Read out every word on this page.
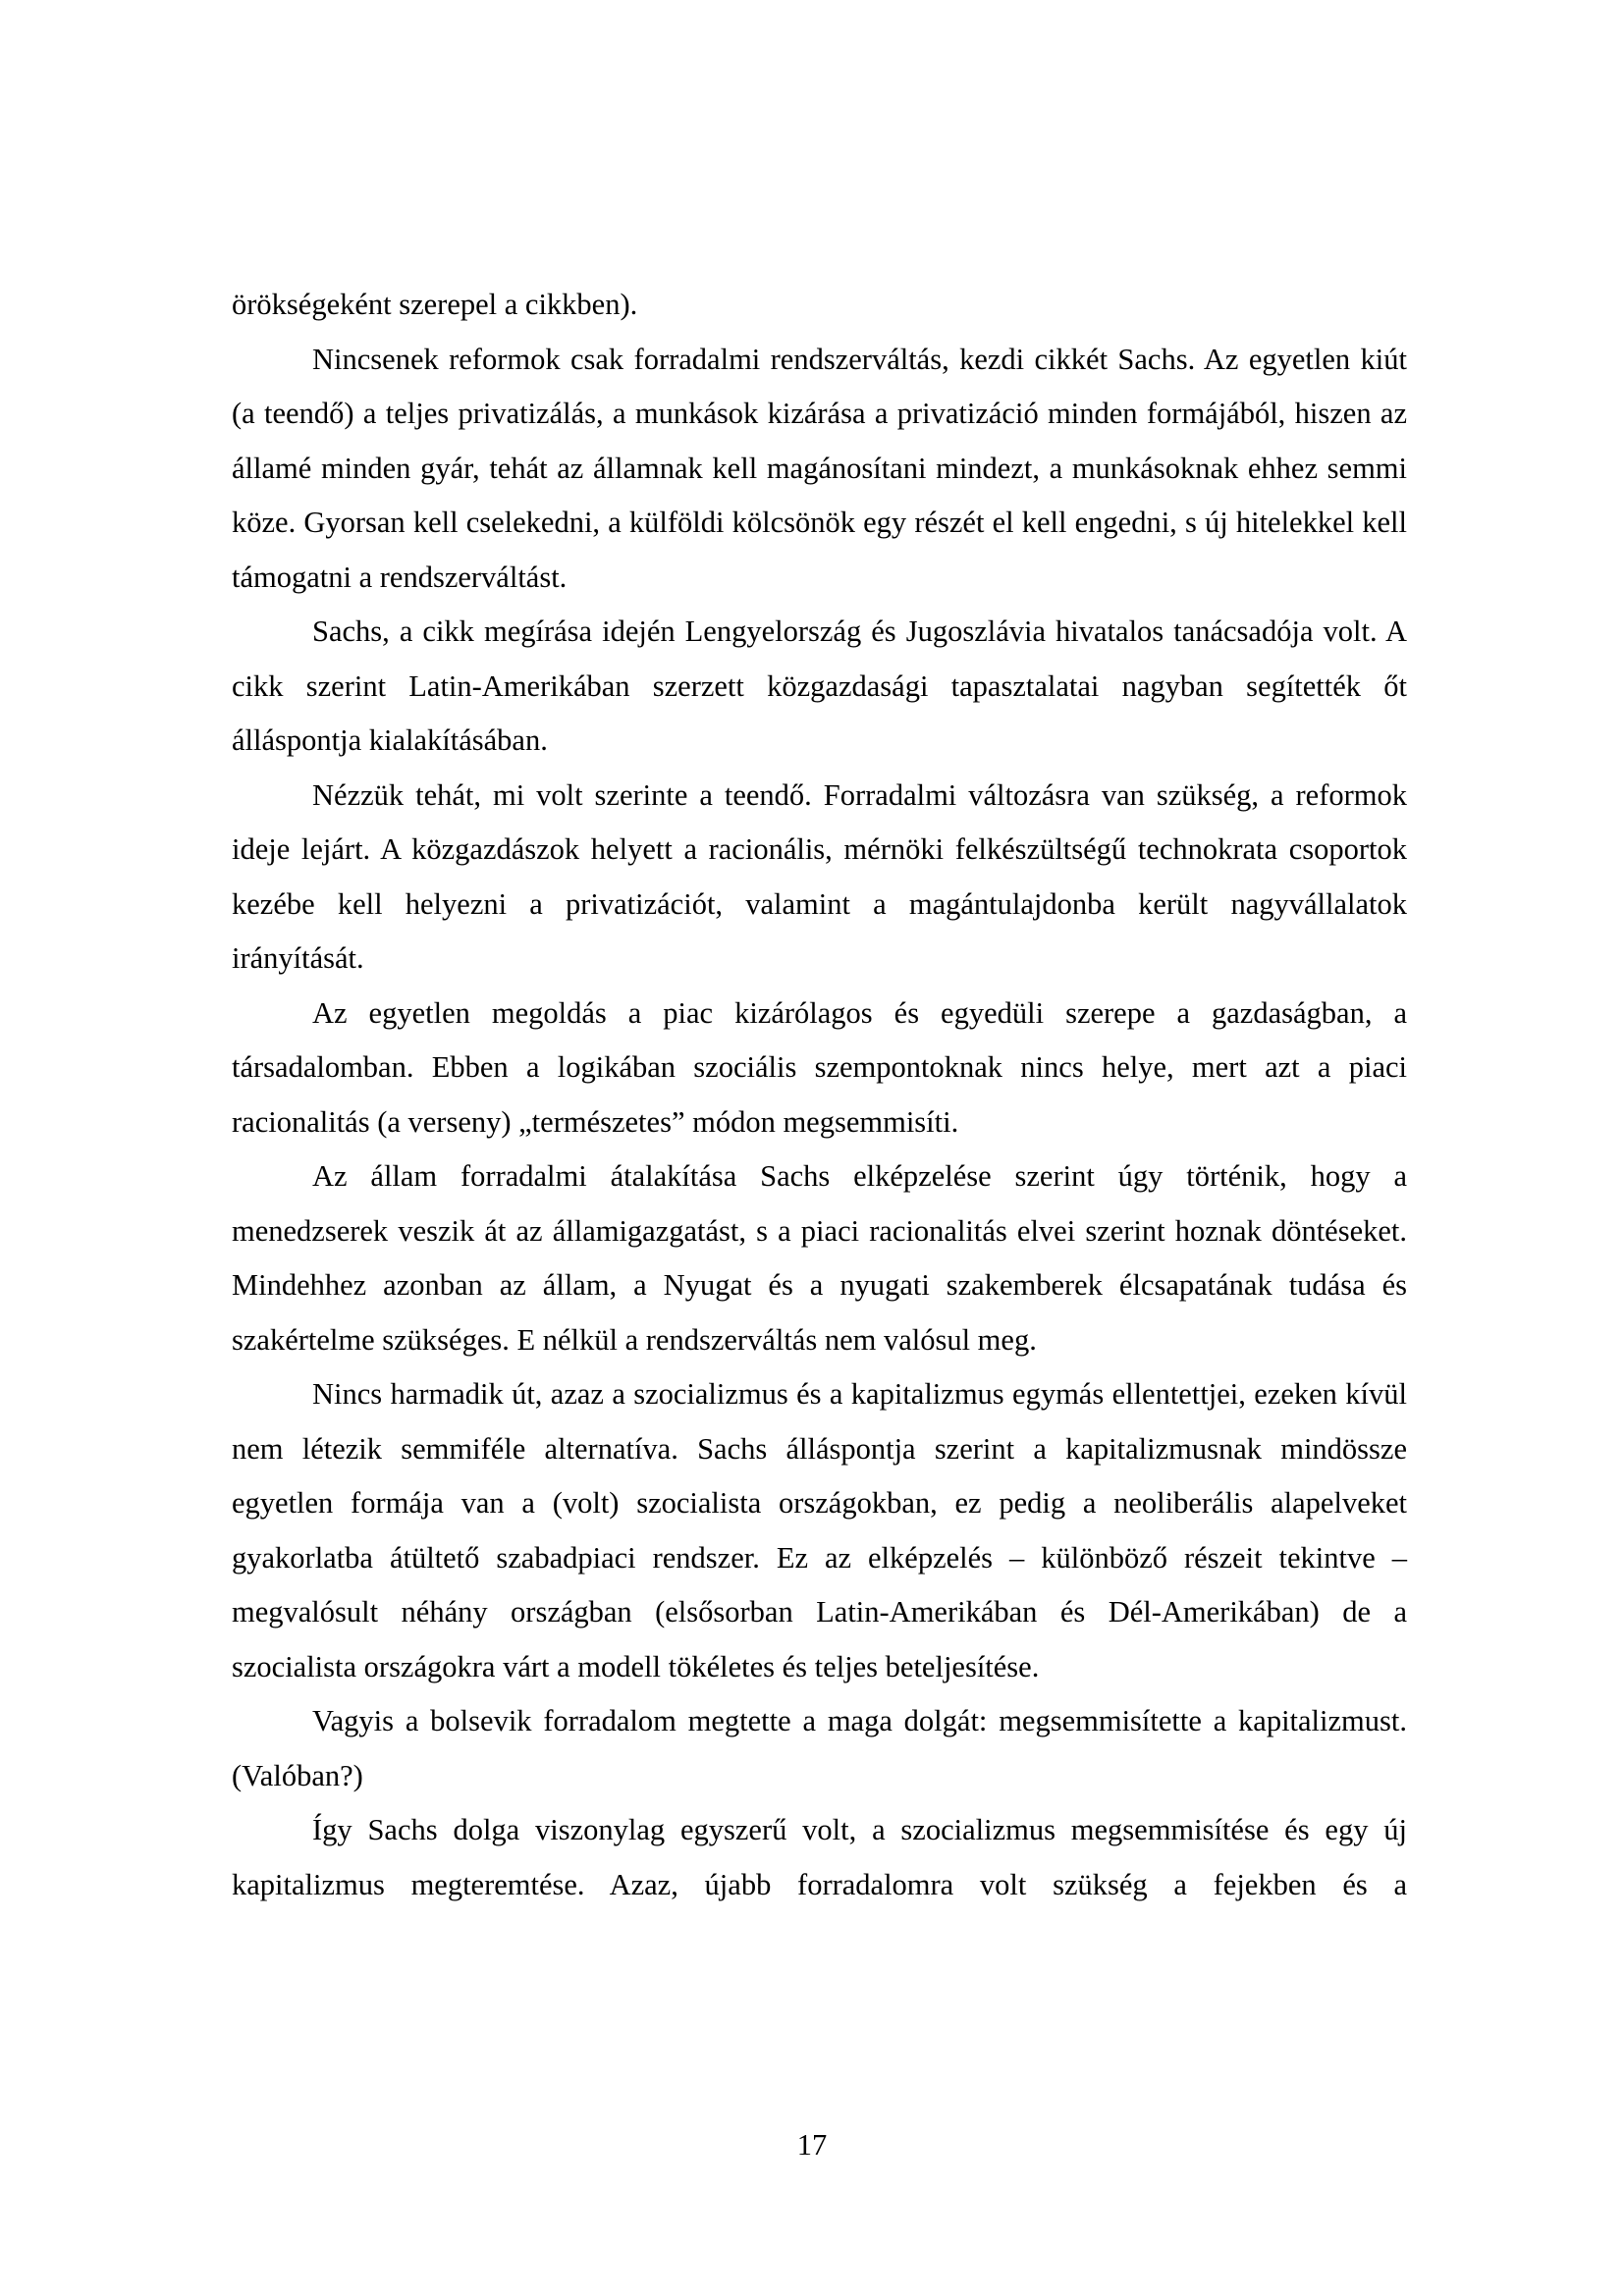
örökségeként szerepel a cikkben).

Nincsenek reformok csak forradalmi rendszerváltás, kezdi cikkét Sachs. Az egyetlen kiút (a teendő) a teljes privatizálás, a munkások kizárása a privatizáció minden formájából, hiszen az államé minden gyár, tehát az államnak kell magánosítani mindezt, a munkásoknak ehhez semmi köze. Gyorsan kell cselekedni, a külföldi kölcsönök egy részét el kell engedni, s új hitelekkel kell támogatni a rendszerváltást.

Sachs, a cikk megírása idején Lengyelország és Jugoszlávia hivatalos tanácsadója volt. A cikk szerint Latin-Amerikában szerzett közgazdasági tapasztalatai nagyban segítették őt álláspontja kialakításában.

Nézzük tehát, mi volt szerinte a teendő. Forradalmi változásra van szükség, a reformok ideje lejárt. A közgazdászok helyett a racionális, mérnöki felkészültségű technokrata csoportok kezébe kell helyezni a privatizációt, valamint a magántulajdonba került nagyvállalatok irányítását.

Az egyetlen megoldás a piac kizárólagos és egyedüli szerepe a gazdaságban, a társadalomban. Ebben a logikában szociális szempontoknak nincs helye, mert azt a piaci racionalitás (a verseny) „természetes” módon megsemmisíti.

Az állam forradalmi átalakítása Sachs elképzelése szerint úgy történik, hogy a menedzserek veszik át az államigazgatást, s a piaci racionalitás elvei szerint hoznak döntéseket. Mindehhez azonban az állam, a Nyugat és a nyugati szakemberek élcsapatának tudása és szakértelme szükséges. E nélkül a rendszerváltás nem valósul meg.

Nincs harmadik út, azaz a szocializmus és a kapitalizmus egymás ellentettjei, ezeken kívül nem létezik semmiféle alternatíva. Sachs álláspontja szerint a kapitalizmusnak mindössze egyetlen formája van a (volt) szocialista országokban, ez pedig a neoliberális alapelveket gyakorlatba átültető szabadpiaci rendszer. Ez az elképzelés – különböző részeit tekintve – megvalósult néhány országban (elsősorban Latin-Amerikában és Dél-Amerikában) de a szocialista országokra várt a modell tökéletes és teljes beteljesítése.

Vagyis a bolsevik forradalom megtette a maga dolgát: megsemmisítette a kapitalizmust. (Valóban?)

Így Sachs dolga viszonylag egyszerű volt, a szocializmus megsemmisítése és egy új kapitalizmus megteremtése. Azaz, újabb forradalomra volt szükség a fejekben és a

17
